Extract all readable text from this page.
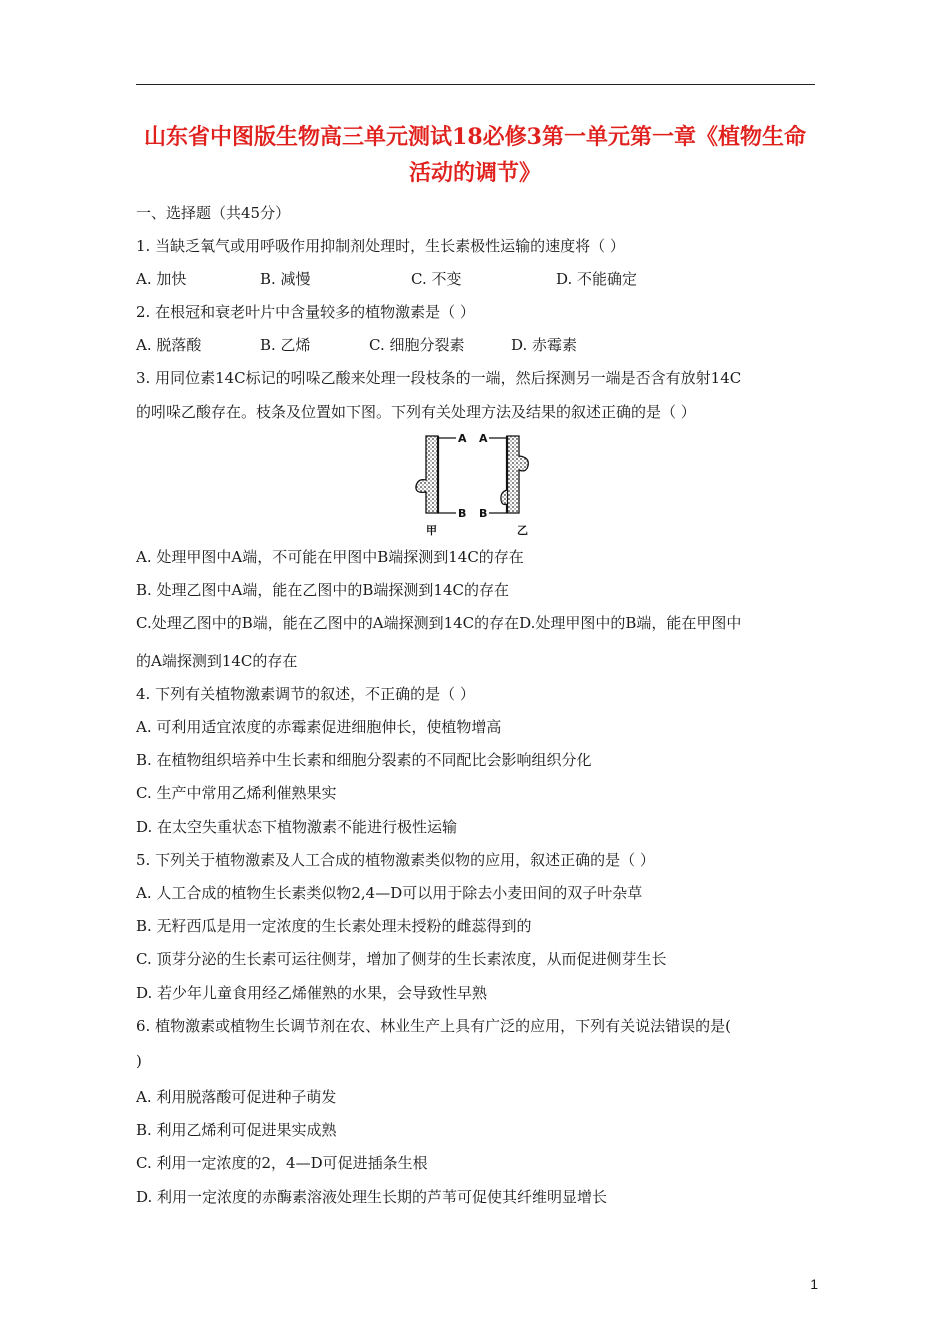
山东省中图版生物高三单元测试18必修3第一单元第一章《植物生命
活动的调节》
一、选择题（共45分）
1. 当缺乏氧气或用呼吸作用抑制剂处理时，生长素极性运输的速度将（ ）
A. 加快	B. 减慢	C. 不变	D. 不能确定
2. 在根冠和衰老叶片中含量较多的植物激素是（ ）
A. 脱落酸	B. 乙烯	C. 细胞分裂素	D. 赤霉素
3. 用同位素14C标记的吲哚乙酸来处理一段枝条的一端，然后探测另一端是否含有放射14C
的吲哚乙酸存在。枝条及位置如下图。下列有关处理方法及结果的叙述正确的是（ ）
A A
B B
甲	乙
A. 处理甲图中A端，不可能在甲图中B端探测到14C的存在
B. 处理乙图中A端，能在乙图中的B端探测到14C的存在
C.处理乙图中的B端，能在乙图中的A端探测到14C的存在D.处理甲图中的B端，能在甲图中
的A端探测到14C的存在
4. 下列有关植物激素调节的叙述，不正确的是（ ）
A. 可利用适宜浓度的赤霉素促进细胞伸长，使植物增高
B. 在植物组织培养中生长素和细胞分裂素的不同配比会影响组织分化
C. 生产中常用乙烯利催熟果实
D. 在太空失重状态下植物激素不能进行极性运输
5. 下列关于植物激素及人工合成的植物激素类似物的应用，叙述正确的是（ ）
A. 人工合成的植物生长素类似物2,4—D可以用于除去小麦田间的双子叶杂草
B. 无籽西瓜是用一定浓度的生长素处理未授粉的雌蕊得到的
C. 顶芽分泌的生长素可运往侧芽，增加了侧芽的生长素浓度，从而促进侧芽生长
D. 若少年儿童食用经乙烯催熟的水果，会导致性早熟
6. 植物激素或植物生长调节剂在农、林业生产上具有广泛的应用，下列有关说法错误的是(
)
A. 利用脱落酸可促进种子萌发
B. 利用乙烯利可促进果实成熟
C. 利用一定浓度的2，4—D可促进插条生根
D. 利用一定浓度的赤酶素溶液处理生长期的芦苇可促使其纤维明显增长
1
